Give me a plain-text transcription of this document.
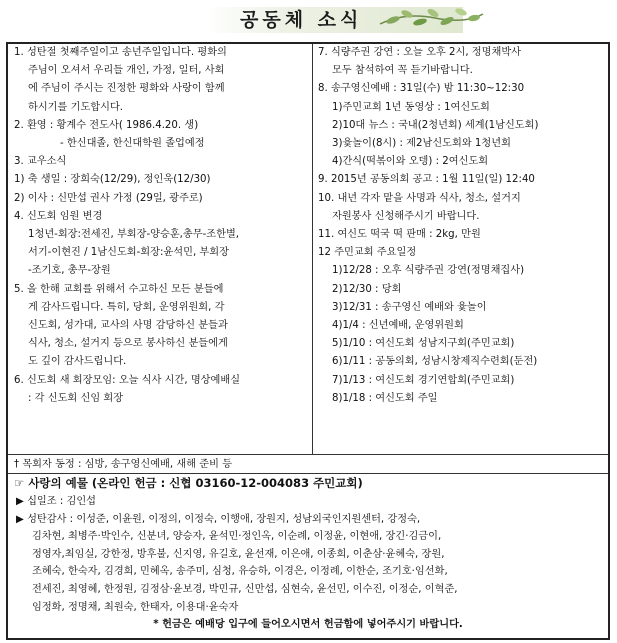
공동체 소식
1. 성탄절 첫째주일이고 송년주일입니다. 평화의
주님이 오셔서 우리들 개인, 가정, 일터, 사회
에 주님이 주시는 진정한 평화와 사랑이 함께
하시기를 기도합시다.
2. 환영 : 황계수 전도사( 1986.4.20. 생)
- 한신대졸, 한신대학원 졸업예정
3. 교우소식
1) 축 생일 : 장희숙(12/29), 정인욱(12/30)
2) 이사 : 신만섭 권사 가정 (29일, 광주로)
4. 신도회 임원 변경
1청년-회장:전세진, 부회장-양승훈,총무-조한별,
서기-이현진 / 1남신도회-회장:윤석민, 부회장
-조기호, 총무-장원
5. 올 한해 교회를 위해서 수고하신 모든 분들에
게 감사드립니다. 특히, 당회, 운영위원회, 각
신도회, 성가대, 교사의 사명 감당하신 분들과
식사, 청소, 설거지 등으로 봉사하신 분들에게
도 깊이 감사드립니다.
6. 신도회 새 회장모임: 오늘 식사 시간, 명상예배실
: 각 신도회 신임 회장
7. 식량주권 강연 : 오늘 오후 2시, 정명채박사
모두 참석하여 꼭 듣기바랍니다.
8. 송구영신예배 : 31일(수) 밤 11:30~12:30
1)주민교회 1년 동영상 : 1여신도회
2)10대 뉴스 : 국내(2청년회) 세계(1남신도회)
3)윷놀이(8시) : 제2남신도회와 1청년회
4)간식(떡볶이와 오뎅) : 2여신도회
9. 2015년 공동의회 공고 : 1월 11일(일) 12:40
10. 내년 각자 맡을 사명과 식사, 청소, 설거지
자원봉사 신청해주시기 바랍니다.
11. 여신도 떡국 떡 판매 : 2kg, 만원
12 주민교회 주요일정
1)12/28 : 오후 식량주권 강연(정명채집사)
2)12/30 : 당회
3)12/31 : 송구영신 예배와 윷놀이
4)1/4 : 신년예배, 운영위원회
5)1/10 : 여신도회 성남지구회(주민교회)
6)1/11 : 공동의회, 성남시창제직수련회(둔전)
7)1/13 : 여신도회 경기연합회(주민교회)
8)1/18 : 여신도회 주일
† 목회자 동정 : 심방, 송구영신예배, 새해 준비 등
☞ 사랑의 예물 (온라인 헌금 : 신협 03160-12-004083 주민교회)
▶ 십일조 : 김인섭
▶ 성탄감사 : 이성준, 이윤원, 이정의, 이정숙, 이행애, 장원지, 성남외국인지원센터, 강정숙,
김차현, 최병주·박인수, 신분녀, 양승자, 윤석민·정인옥, 이순례, 이정윤, 이현애, 장긴·김금이,
정영자,최임실, 강한정, 방후불, 신지영, 유길호, 윤선재, 이은애, 이종희, 이춘삼·윤혜숙, 장원,
조혜숙, 한숙자, 김경희, 민혜옥, 송주미, 심청, 유승하, 이경은, 이정례, 이한순, 조기호·임선화,
전세진, 최영혜, 한정원, 김정삼·윤보경, 박민규, 신만섭, 심현숙, 윤선민, 이수진, 이정순, 이혁준,
임정화, 정명채, 최원숙, 한태자, 이용대·윤숙자
* 헌금은 예배당 입구에 들어오시면서 헌금함에 넣어주시기 바랍니다.
